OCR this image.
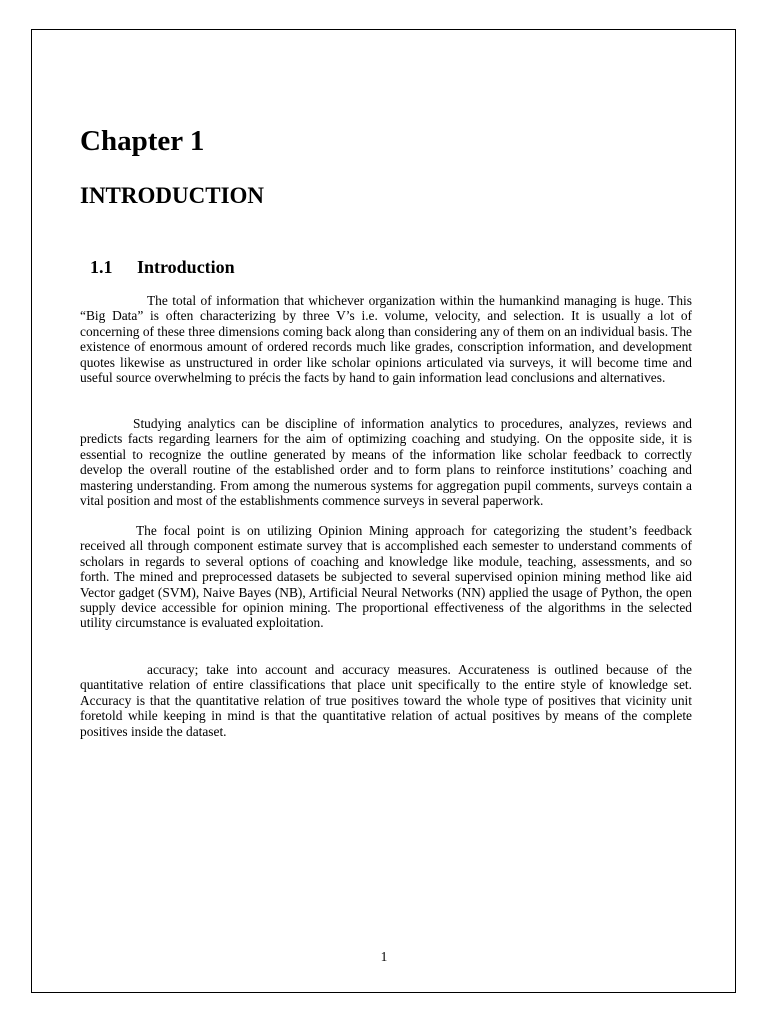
Chapter 1
INTRODUCTION
1.1 Introduction

The total of information that whichever organization within the humankind managing is huge. This “Big Data” is often characterizing by three V’s i.e. volume, velocity, and selection. It is usually a lot of concerning of these three dimensions coming back along than considering any of them on an individual basis. The existence of enormous amount of ordered records much like grades, conscription information, and development quotes likewise as unstructured in order like scholar opinions articulated via surveys, it will become time and useful source overwhelming to précis the facts by hand to gain information lead conclusions and alternatives.

Studying analytics can be discipline of information analytics to procedures, analyzes, reviews and predicts facts regarding learners for the aim of optimizing coaching and studying. On the opposite side, it is essential to recognize the outline generated by means of the information like scholar feedback to correctly develop the overall routine of the established order and to form plans to reinforce institutions’ coaching and mastering understanding. From among the numerous systems for aggregation pupil comments, surveys contain a vital position and most of the establishments commence surveys in several paperwork.

The focal point is on utilizing Opinion Mining approach for categorizing the student’s feedback received all through component estimate survey that is accomplished each semester to understand comments of scholars in regards to several options of coaching and knowledge like module, teaching, assessments, and so forth. The mined and preprocessed datasets be subjected to several supervised opinion mining method like aid Vector gadget (SVM), Naive Bayes (NB), Artificial Neural Networks (NN) applied the usage of Python, the open supply device accessible for opinion mining. The proportional effectiveness of the algorithms in the selected utility circumstance is evaluated exploitation.

accuracy; take into account and accuracy measures. Accurateness is outlined because of the quantitative relation of entire classifications that place unit specifically to the entire style of knowledge set. Accuracy is that the quantitative relation of true positives toward the whole type of positives that vicinity unit foretold while keeping in mind is that the quantitative relation of actual positives by means of the complete positives inside the dataset.

1
